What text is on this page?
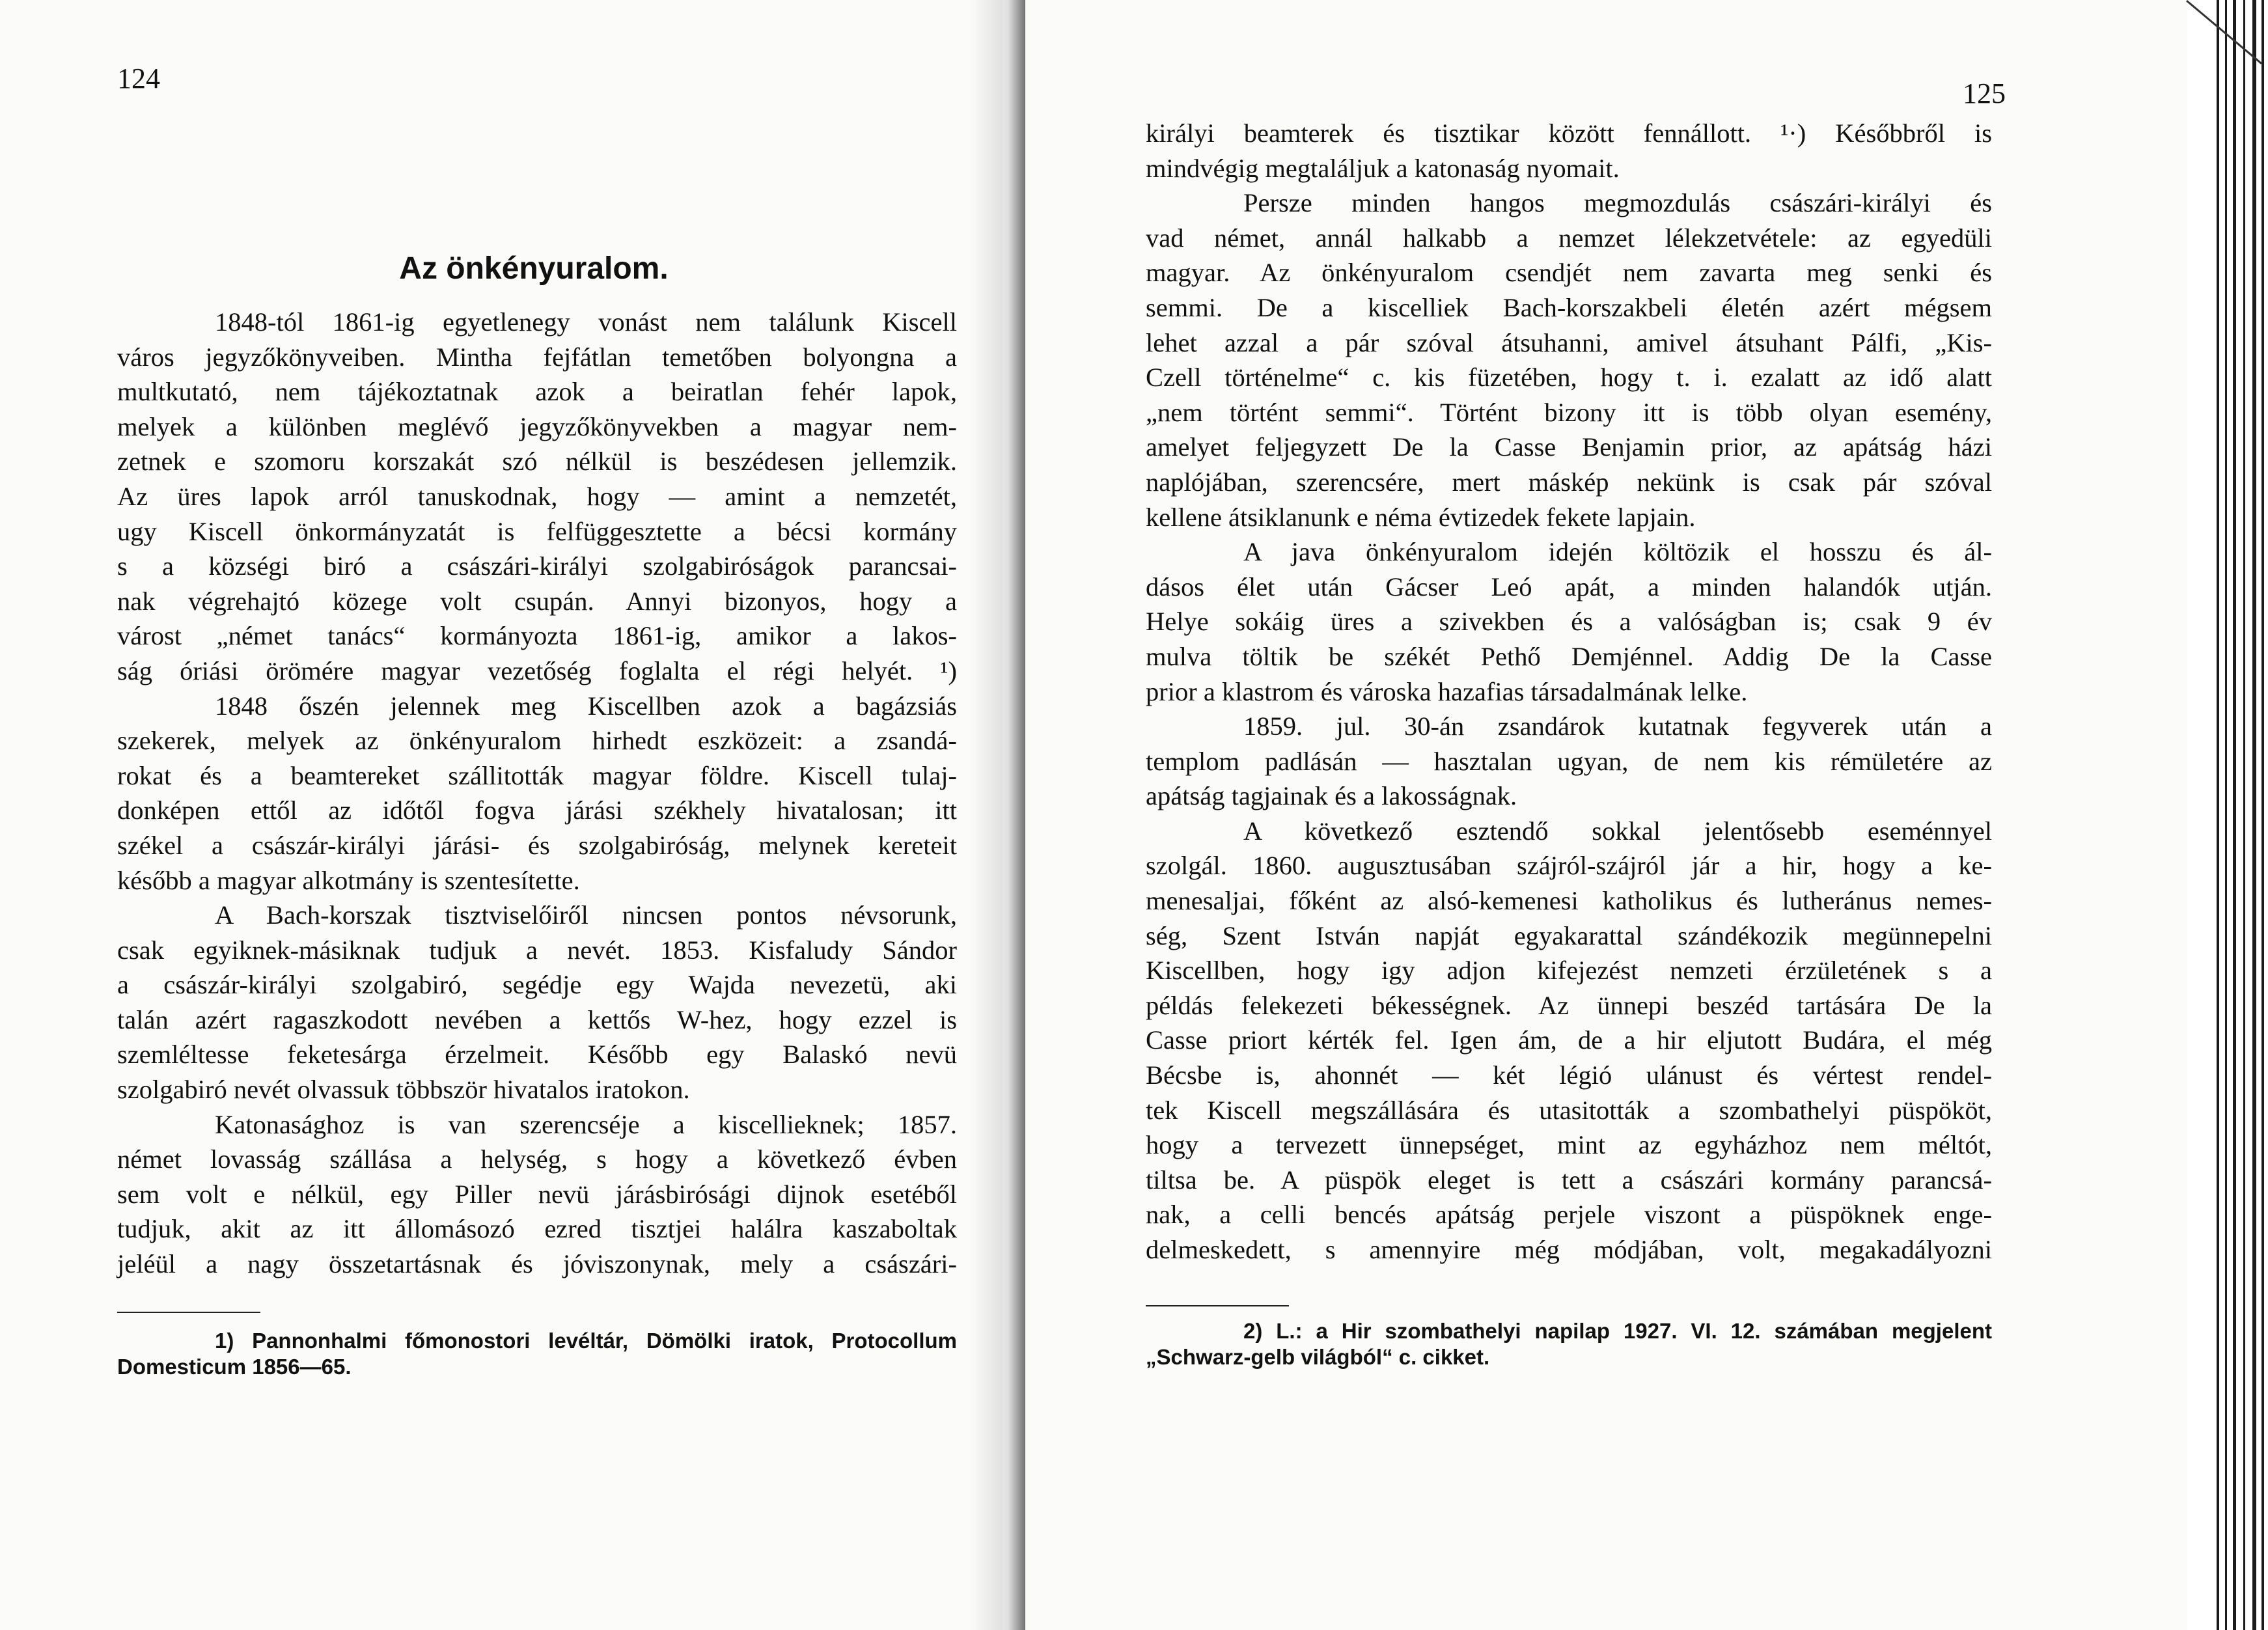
124
Az önkényuralom.
1848-tól 1861-ig egyetlenegy vonást nem találunk Kiscell
város jegyzőkönyveiben. Mintha fejfátlan temetőben bolyongna a
multkutató, nem tájékoztatnak azok a beiratlan fehér lapok,
melyek a különben meglévő jegyzőkönyvekben a magyar nem-
zetnek e szomoru korszakát szó nélkül is beszédesen jellemzik.
Az üres lapok arról tanuskodnak, hogy — amint a nemzetét,
ugy Kiscell önkormányzatát is felfüggesztette a bécsi kormány
s a községi biró a császári-királyi szolgabiróságok parancsai-
nak végrehajtó közege volt csupán. Annyi bizonyos, hogy a
várost „német tanács“ kormányozta 1861-ig, amikor a lakos-
ság óriási örömére magyar vezetőség foglalta el régi helyét. ¹)
1848 őszén jelennek meg Kiscellben azok a bagázsiás
szekerek, melyek az önkényuralom hirhedt eszközeit: a zsandá-
rokat és a beamtereket szállitották magyar földre. Kiscell tulaj-
donképen ettől az időtől fogva járási székhely hivatalosan; itt
székel a császár-királyi járási- és szolgabiróság, melynek kereteit
később a magyar alkotmány is szentesítette.
A Bach-korszak tisztviselőiről nincsen pontos névsorunk,
csak egyiknek-másiknak tudjuk a nevét. 1853. Kisfaludy Sándor
a császár-királyi szolgabiró, segédje egy Wajda nevezetü, aki
talán azért ragaszkodott nevében a kettős W-hez, hogy ezzel is
szemléltesse feketesárga érzelmeit. Később egy Balaskó nevü
szolgabiró nevét olvassuk többször hivatalos iratokon.
Katonasághoz is van szerencséje a kiscellieknek; 1857.
német lovasság szállása a helység, s hogy a következő évben
sem volt e nélkül, egy Piller nevü járásbirósági dijnok esetéből
tudjuk, akit az itt állomásozó ezred tisztjei halálra kaszaboltak
jeléül a nagy összetartásnak és jóviszonynak, mely a császári-
1) Pannonhalmi főmonostori levéltár, Dömölki iratok, Protocollum
Domesticum 1856—65.
125
királyi beamterek és tisztikar között fennállott. ¹·) Későbbről is
mindvégig megtaláljuk a katonaság nyomait.
Persze minden hangos megmozdulás császári-királyi és
vad német, annál halkabb a nemzet lélekzetvétele: az egyedüli
magyar. Az önkényuralom csendjét nem zavarta meg senki és
semmi. De a kiscelliek Bach-korszakbeli életén azért mégsem
lehet azzal a pár szóval átsuhanni, amivel átsuhant Pálfi, „Kis-
Czell történelme“ c. kis füzetében, hogy t. i. ezalatt az idő alatt
„nem történt semmi“. Történt bizony itt is több olyan esemény,
amelyet feljegyzett De la Casse Benjamin prior, az apátság házi
naplójában, szerencsére, mert máskép nekünk is csak pár szóval
kellene átsiklanunk e néma évtizedek fekete lapjain.
A java önkényuralom idején költözik el hosszu és ál-
dásos élet után Gácser Leó apát, a minden halandók utján.
Helye sokáig üres a szivekben és a valóságban is; csak 9 év
mulva töltik be székét Pethő Demjénnel. Addig De la Casse
prior a klastrom és városka hazafias társadalmának lelke.
1859. jul. 30-án zsandárok kutatnak fegyverek után a
templom padlásán — hasztalan ugyan, de nem kis rémületére az
apátság tagjainak és a lakosságnak.
A következő esztendő sokkal jelentősebb eseménnyel
szolgál. 1860. augusztusában szájról-szájról jár a hir, hogy a ke-
menesaljai, főként az alsó-kemenesi katholikus és lutheránus nemes-
ség, Szent István napját egyakarattal szándékozik megünnepelni
Kiscellben, hogy igy adjon kifejezést nemzeti érzületének s a
példás felekezeti békességnek. Az ünnepi beszéd tartására De la
Casse priort kérték fel. Igen ám, de a hir eljutott Budára, el még
Bécsbe is, ahonnét — két légió ulánust és vértest rendel-
tek Kiscell megszállására és utasitották a szombathelyi püspököt,
hogy a tervezett ünnepséget, mint az egyházhoz nem méltót,
tiltsa be. A püspök eleget is tett a császári kormány parancsá-
nak, a celli bencés apátság perjele viszont a püspöknek enge-
delmeskedett, s amennyire még módjában, volt, megakadályozni
2) L.: a Hir szombathelyi napilap 1927. VI. 12. számában megjelent
„Schwarz-gelb világból“ c. cikket.
